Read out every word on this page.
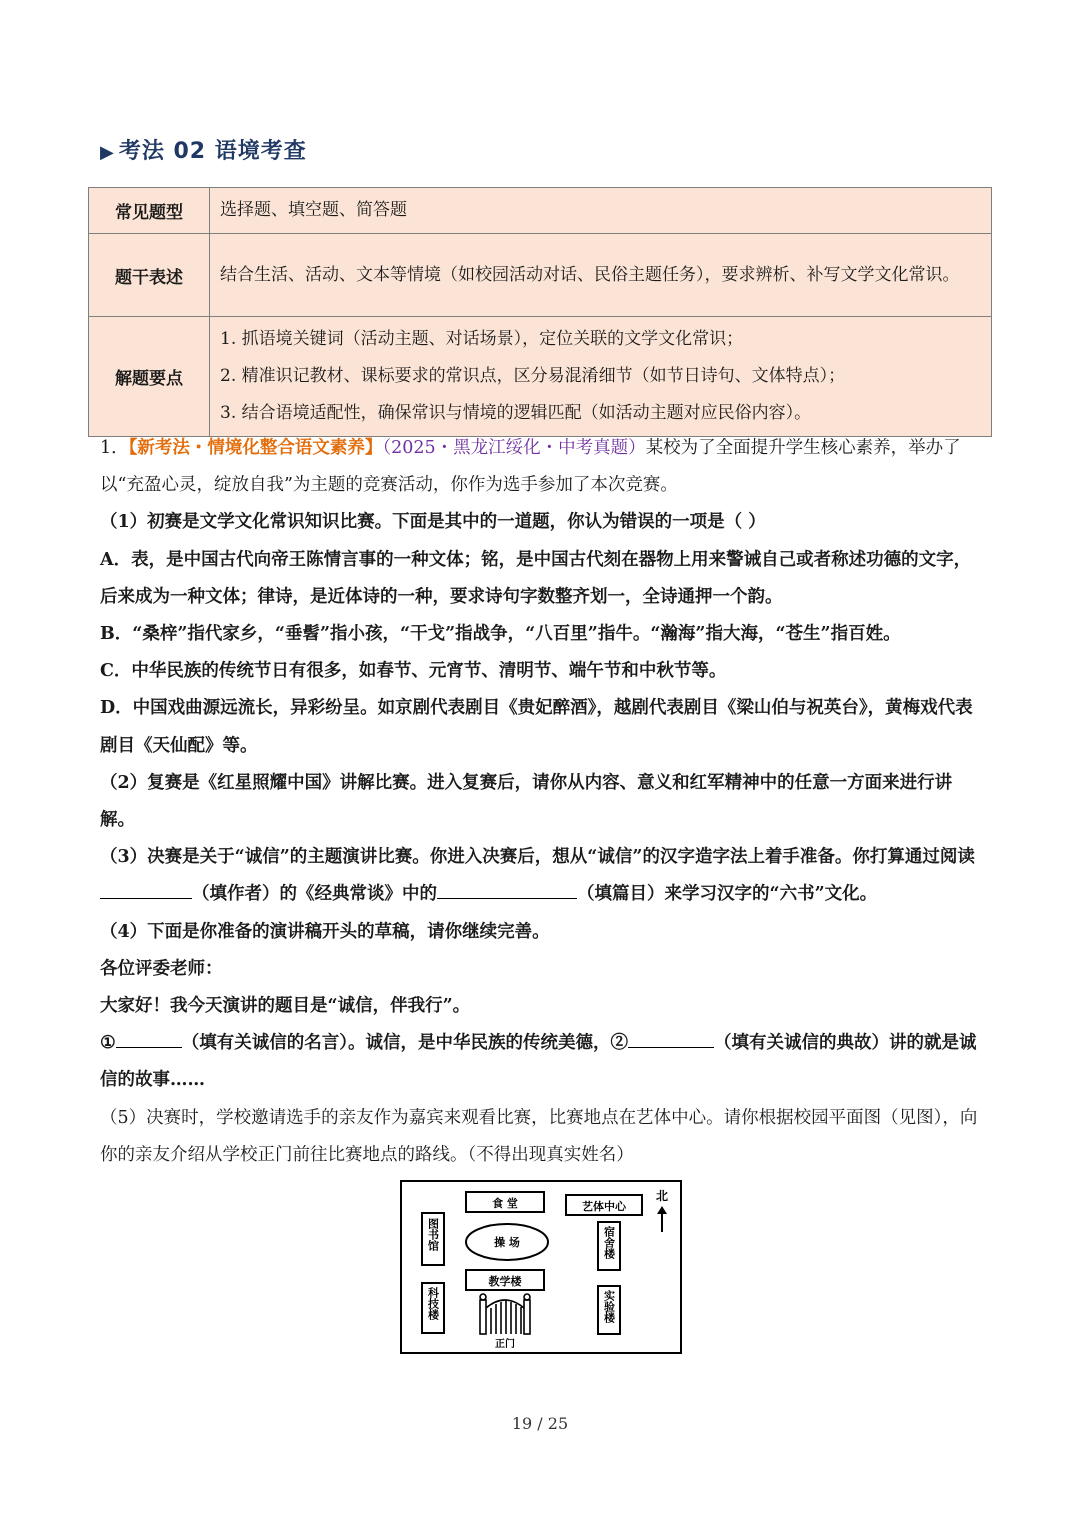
▶ 考法 02 语境考查
常见题型	选择题、填空题、简答题
题干表述	结合生活、活动、文本等情境（如校园活动对话、民俗主题任务），要求辨析、补写文学文化常识。
解题要点	1. 抓语境关键词（活动主题、对话场景），定位关联的文学文化常识；
2. 精准识记教材、课标要求的常识点，区分易混淆细节（如节日诗句、文体特点）；
3. 结合语境适配性，确保常识与情境的逻辑匹配（如活动主题对应民俗内容）。

1．【新考法・情境化整合语文素养】（2025・黑龙江绥化・中考真题）某校为了全面提升学生核心素养，举办了以“充盈心灵，绽放自我”为主题的竞赛活动，你作为选手参加了本次竞赛。

（1）初赛是文学文化常识知识比赛。下面是其中的一道题，你认为错误的一项是（ ）

A．表，是中国古代向帝王陈情言事的一种文体；铭，是中国古代刻在器物上用来警诫自己或者称述功德的文字，后来成为一种文体；律诗，是近体诗的一种，要求诗句字数整齐划一，全诗通押一个韵。

B．“桑梓”指代家乡，“垂髫”指小孩，“干戈”指战争，“八百里”指牛。“瀚海”指大海，“苍生”指百姓。

C．中华民族的传统节日有很多，如春节、元宵节、清明节、端午节和中秋节等。

D．中国戏曲源远流长，异彩纷呈。如京剧代表剧目《贵妃醉酒》，越剧代表剧目《梁山伯与祝英台》，黄梅戏代表剧目《天仙配》等。

（2）复赛是《红星照耀中国》讲解比赛。进入复赛后，请你从内容、意义和红军精神中的任意一方面来进行讲解。

（3）决赛是关于“诚信”的主题演讲比赛。你进入决赛后，想从“诚信”的汉字造字法上着手准备。你打算通过阅读（填作者）的《经典常谈》中的	（填篇目）来学习汉字的“六书”文化。

（4）下面是你准备的演讲稿开头的草稿，请你继续完善。

各位评委老师：

大家好！我今天演讲的题目是“诚信，伴我行”。

①	（填有关诚信的名言）。诚信，是中华民族的传统美德，②	（填有关诚信的典故）讲的就是诚信的故事……

（5）决赛时，学校邀请选手的亲友作为嘉宾来观看比赛，比赛地点在艺体中心。请你根据校园平面图（见图），向你的亲友介绍从学校正门前往比赛地点的路线。（不得出现真实姓名）

食 堂	艺体中心
北
图书馆	操 场	宿舍楼
教学楼
科技楼	实验楼
正门
19 / 25
